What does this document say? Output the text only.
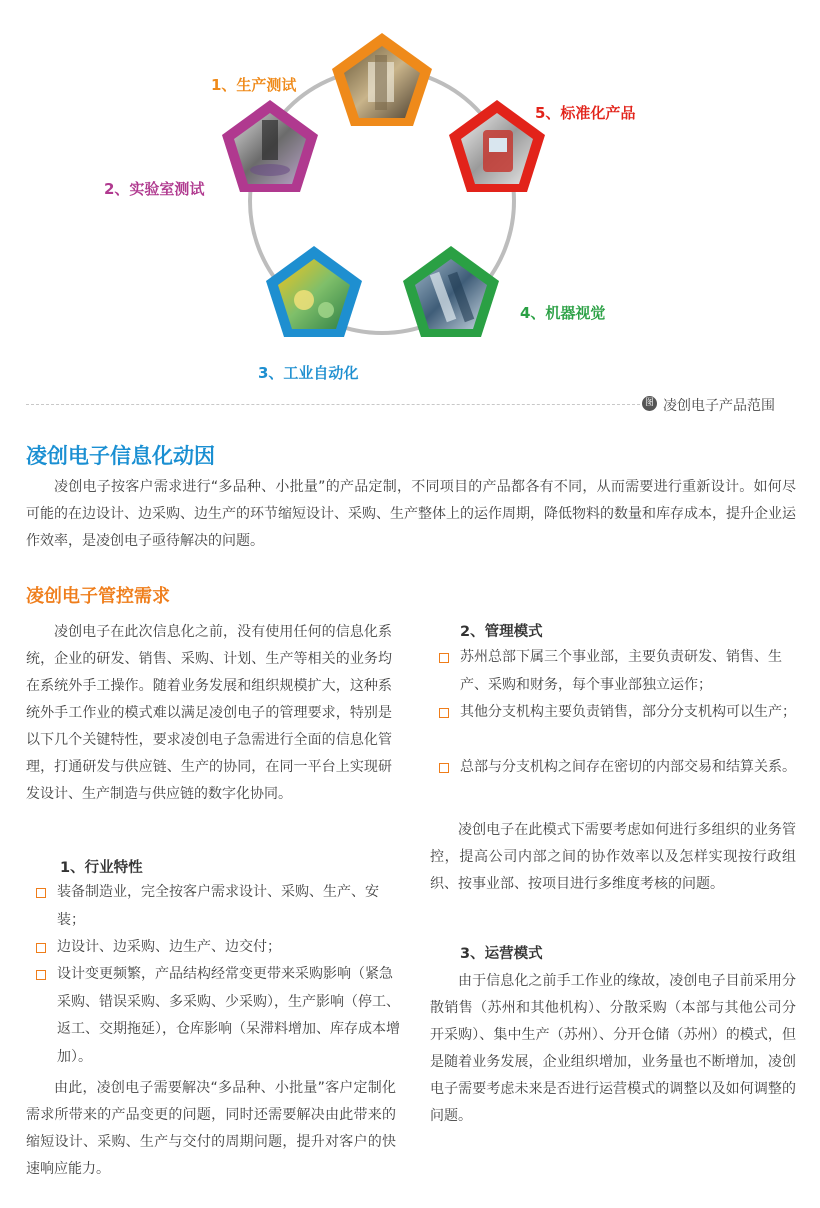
1、生产测试
2、实验室测试
3、工业自动化
4、机器视觉
5、标准化产品
图 凌创电子产品范围
凌创电子信息化动因

凌创电子按客户需求进行“多品种、小批量”的产品定制，不同项目的产品都各有不同，从而需要进行重新设计。如何尽可能的在边设计、边采购、边生产的环节缩短设计、采购、生产整体上的运作周期，降低物料的数量和库存成本，提升企业运作效率，是凌创电子亟待解决的问题。

凌创电子管控需求

凌创电子在此次信息化之前，没有使用任何的信息化系统，企业的研发、销售、采购、计划、生产等相关的业务均在系统外手工操作。随着业务发展和组织规模扩大，这种系统外手工作业的模式难以满足凌创电子的管理要求，特别是以下几个关键特性，要求凌创电子急需进行全面的信息化管理，打通研发与供应链、生产的协同，在同一平台上实现研发设计、生产制造与供应链的数字化协同。

1、行业特性

装备制造业，完全按客户需求设计、采购、生产、安装；

边设计、边采购、边生产、边交付；

设计变更频繁，产品结构经常变更带来采购影响（紧急采购、错误采购、多采购、少采购），生产影响（停工、返工、交期拖延），仓库影响（呆滞料增加、库存成本增加）。

由此，凌创电子需要解决“多品种、小批量”客户定制化需求所带来的产品变更的问题，同时还需要解决由此带来的缩短设计、采购、生产与交付的周期问题，提升对客户的快速响应能力。

2、管理模式

苏州总部下属三个事业部，主要负责研发、销售、生产、采购和财务，每个事业部独立运作；

其他分支机构主要负责销售，部分分支机构可以生产；

总部与分支机构之间存在密切的内部交易和结算关系。

凌创电子在此模式下需要考虑如何进行多组织的业务管控，提高公司内部之间的协作效率以及怎样实现按行政组织、按事业部、按项目进行多维度考核的问题。

3、运营模式

由于信息化之前手工作业的缘故，凌创电子目前采用分散销售（苏州和其他机构）、分散采购（本部与其他公司分开采购）、集中生产（苏州）、分开仓储（苏州）的模式，但是随着业务发展，企业组织增加，业务量也不断增加，凌创电子需要考虑未来是否进行运营模式的调整以及如何调整的问题。
